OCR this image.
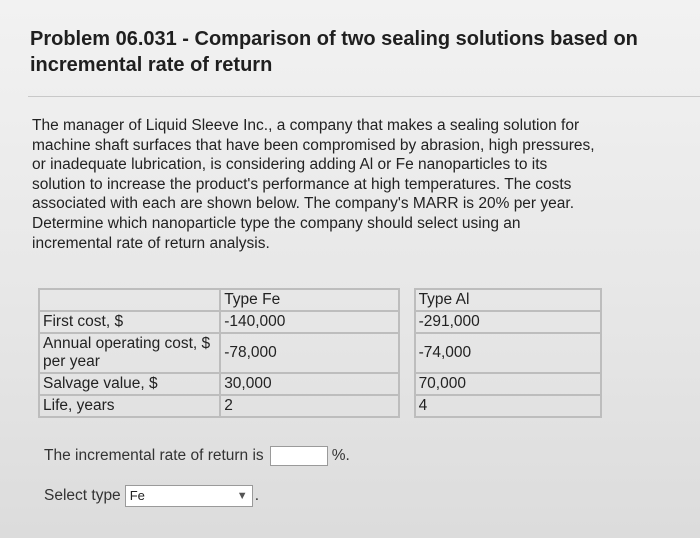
Problem 06.031 - Comparison of two sealing solutions based on
incremental rate of return
The manager of Liquid Sleeve Inc., a company that makes a sealing solution for
machine shaft surfaces that have been compromised by abrasion, high pressures,
or inadequate lubrication, is considering adding Al or Fe nanoparticles to its
solution to increase the product's performance at high temperatures. The costs
associated with each are shown below. The company's MARR is 20% per year.
Determine which nanoparticle type the company should select using an
incremental rate of return analysis.
	Type Fe		Type Al
First cost, $	-140,000		-291,000
Annual operating cost, $ per year	-78,000		-74,000
Salvage value, $	30,000		70,000
Life, years	2		4
The incremental rate of return is	%.
Select type Fe	▼ .
